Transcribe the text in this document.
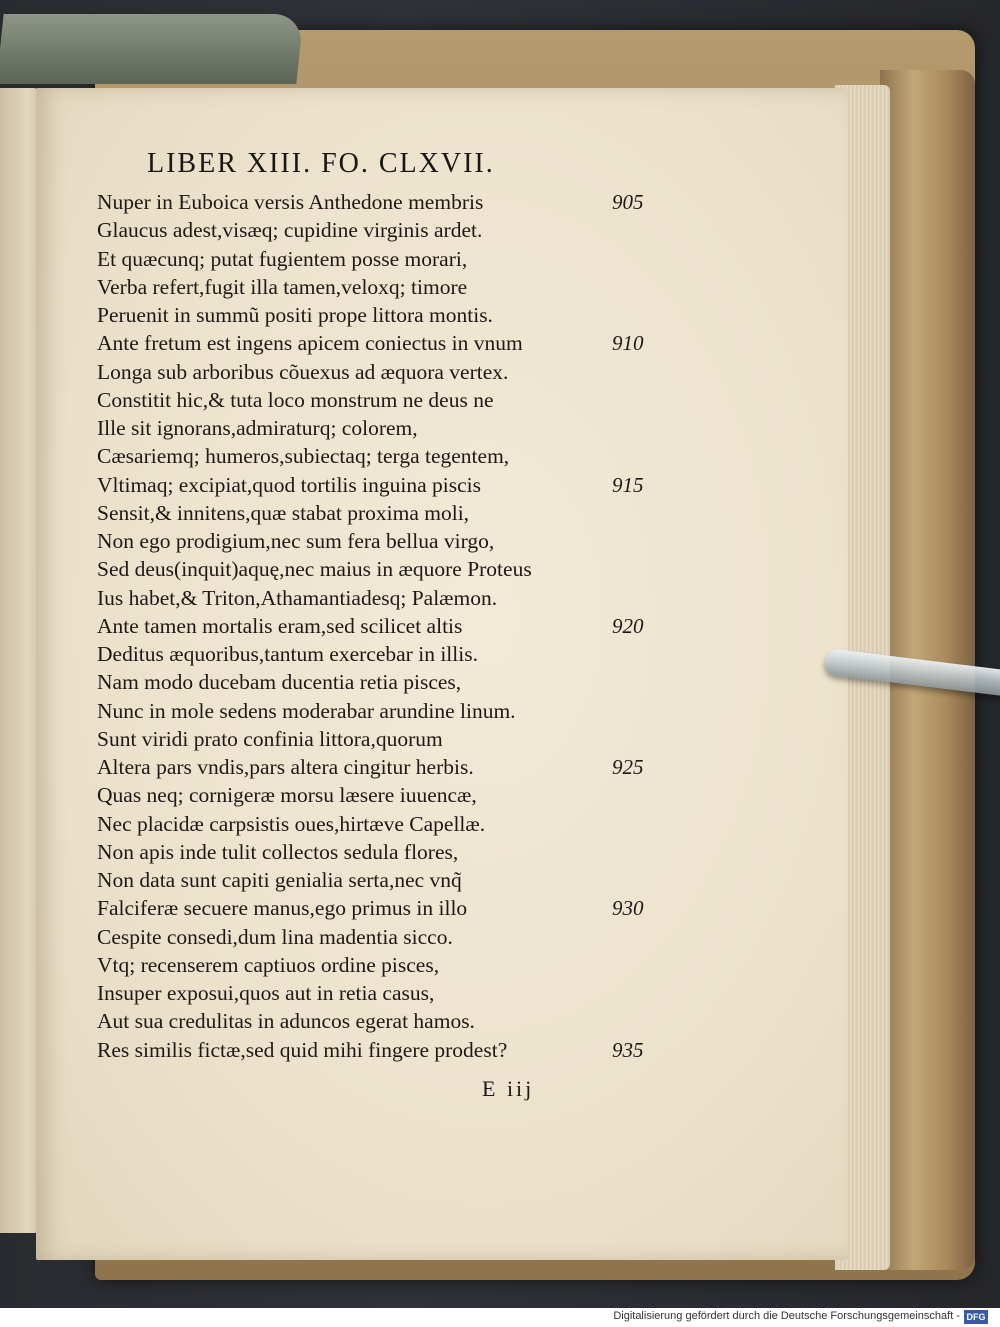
LIBER XIII. FO. CLXVII.
Nuper in Euboica versis Anthedone membris
Glaucus adest,visæq; cupidine virginis ardet.
Et quæcunq; putat fugientem posse morari,
Verba refert,fugit illa tamen,veloxq; timore
Peruenit in summũ positi prope littora montis.
Ante fretum est ingens apicem coniectus in vnum
Longa sub arboribus cõuexus ad æquora vertex.
Constitit hic,& tuta loco monstrum ne deus ne
Ille sit ignorans,admiraturq; colorem,
Cæsariemq; humeros,subiectaq; terga tegentem,
Vltimaq; excipiat,quod tortilis inguina piscis
Sensit,& innitens,quæ stabat proxima moli,
Non ego prodigium,nec sum fera bellua virgo,
Sed deus(inquit)aquę,nec maius in æquore Proteus
Ius habet,& Triton,Athamantiadesq; Palæmon.
Ante tamen mortalis eram,sed scilicet altis
Deditus æquoribus,tantum exercebar in illis.
Nam modo ducebam ducentia retia pisces,
Nunc in mole sedens moderabar arundine linum.
Sunt viridi prato confinia littora,quorum
Altera pars vndis,pars altera cingitur herbis.
Quas neq; cornigeræ morsu læsere iuuencæ,
Nec placidæ carpsistis oues,hirtæve Capellæ.
Non apis inde tulit collectos sedula flores,
Non data sunt capiti genialia serta,nec vnq̃
Falciferæ secuere manus,ego primus in illo
Cespite consedi,dum lina madentia sicco.
Vtq; recenserem captiuos ordine pisces,
Insuper exposui,quos aut in retia casus,
Aut sua credulitas in aduncos egerat hamos.
Res similis fictæ,sed quid mihi fingere prodest?
905
910
915
920
925
930
935
E iij
Digitalisierung gefördert durch die Deutsche Forschungsgemeinschaft - DFG
